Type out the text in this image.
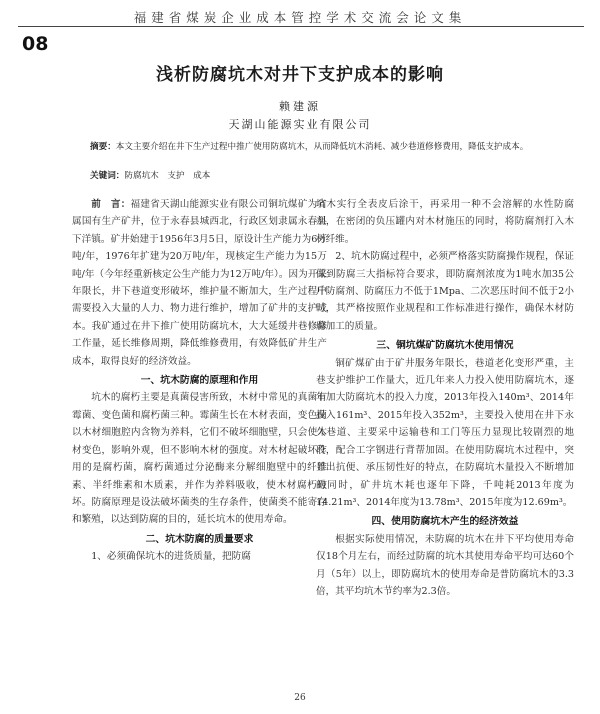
福建省煤炭企业成本管控学术交流会论文集
08
浅析防腐坑木对井下支护成本的影响
赖建源
天湖山能源实业有限公司
摘要：本文主要介绍在井下生产过程中推广使用防腐坑木，从而降低坑木消耗、减少巷道修修费用，降低支护成本。
关键词：防腐坑木　支护　成本

前　言：福建省天湖山能源实业有限公司铜坑煤矿为省属国有生产矿井，位于永春县城西北，行政区划隶属永春县下洋镇。矿井始建于1956年3月5日，原设计生产能力为6万吨/年，1976年扩建为20万吨/年，现核定生产能力为15万吨/年（今年经重新核定公生产能力为12万吨/年）。因为开采年限长，井下巷道变形破坏，维护量不断加大，生产过程中需要投入大量的人力、物力进行维护，增加了矿井的支护成本。我矿通过在井下推广使用防腐坑木，大大延缓井巷修修工作量，延长维修周期，降低维修费用，有效降低矿井生产成本，取得良好的经济效益。

一、坑木防腐的原理和作用

坑木的腐朽主要是真菌侵害所致，木材中常见的真菌有霉菌、变色菌和腐朽菌三种。霉菌生长在木材表面，变色菌以木材细胞腔内含物为养料，它们不破坏细胞壁，只会使木材变色，影响外观，但不影响木材的强度。对木材起破坏作用的是腐朽菌，腐朽菌通过分泌酶来分解细胞壁中的纤维素、半纤维素和木质素，并作为养料吸收，使木材腐朽破坏。防腐原理是设法破坏菌类的生存条件，使菌类不能寄存和繁殖，以达到防腐的目的，延长坑木的使用寿命。

二、坑木防腐的质量要求

1、必须确保坑木的进货质量，把防腐

坑木实行全表皮后涂干，再采用一种不会溶解的水性防腐剂，在密闭的负压罐内对木材施压的同时，将防腐剂打入木材纤维。

2、坑木防腐过程中，必须严格落实防腐操作规程，保证做到防腐三大指标符合要求，即防腐剂浓度为1吨水加35公斤防腐剂、防腐压力不低于1Mpa、二次恶压时间不低于2小时，其严格按照作业规程和工作标准进行操作，确保木材防腐加工的质量。

三、铜坑煤矿防腐坑木使用情况

铜矿煤矿由于矿井服务年限长，巷道老化变形严重，主巷支护维护工作量大，近几年来人力投入使用防腐坑木，逐年加大防腐坑木的投入力度，2013年投入140m³、2014年投入161m³、2015年投入352m³，主要投入使用在井下永久巷道、主要采中运输巷和工门等压力显现比较剧烈的地段，配合工字钢进行背帮加固。在使用防腐坑木过程中，突显出抗便、承压韧性好的特点，在防腐坑木量投入不断增加的同时，矿井坑木耗也逐年下降，千吨耗2013年度为14.21m³、2014年度为13.78m³、2015年度为12.69m³。

四、使用防腐坑木产生的经济效益

根据实际使用情况，未防腐的坑木在井下平均使用寿命仅18个月左右，而经过防腐的坑木其使用寿命平均可达60个月（5年）以上，即防腐坑木的使用寿命是普防腐坑木的3.3倍，其平均坑木节约率为2.3倍。

26
